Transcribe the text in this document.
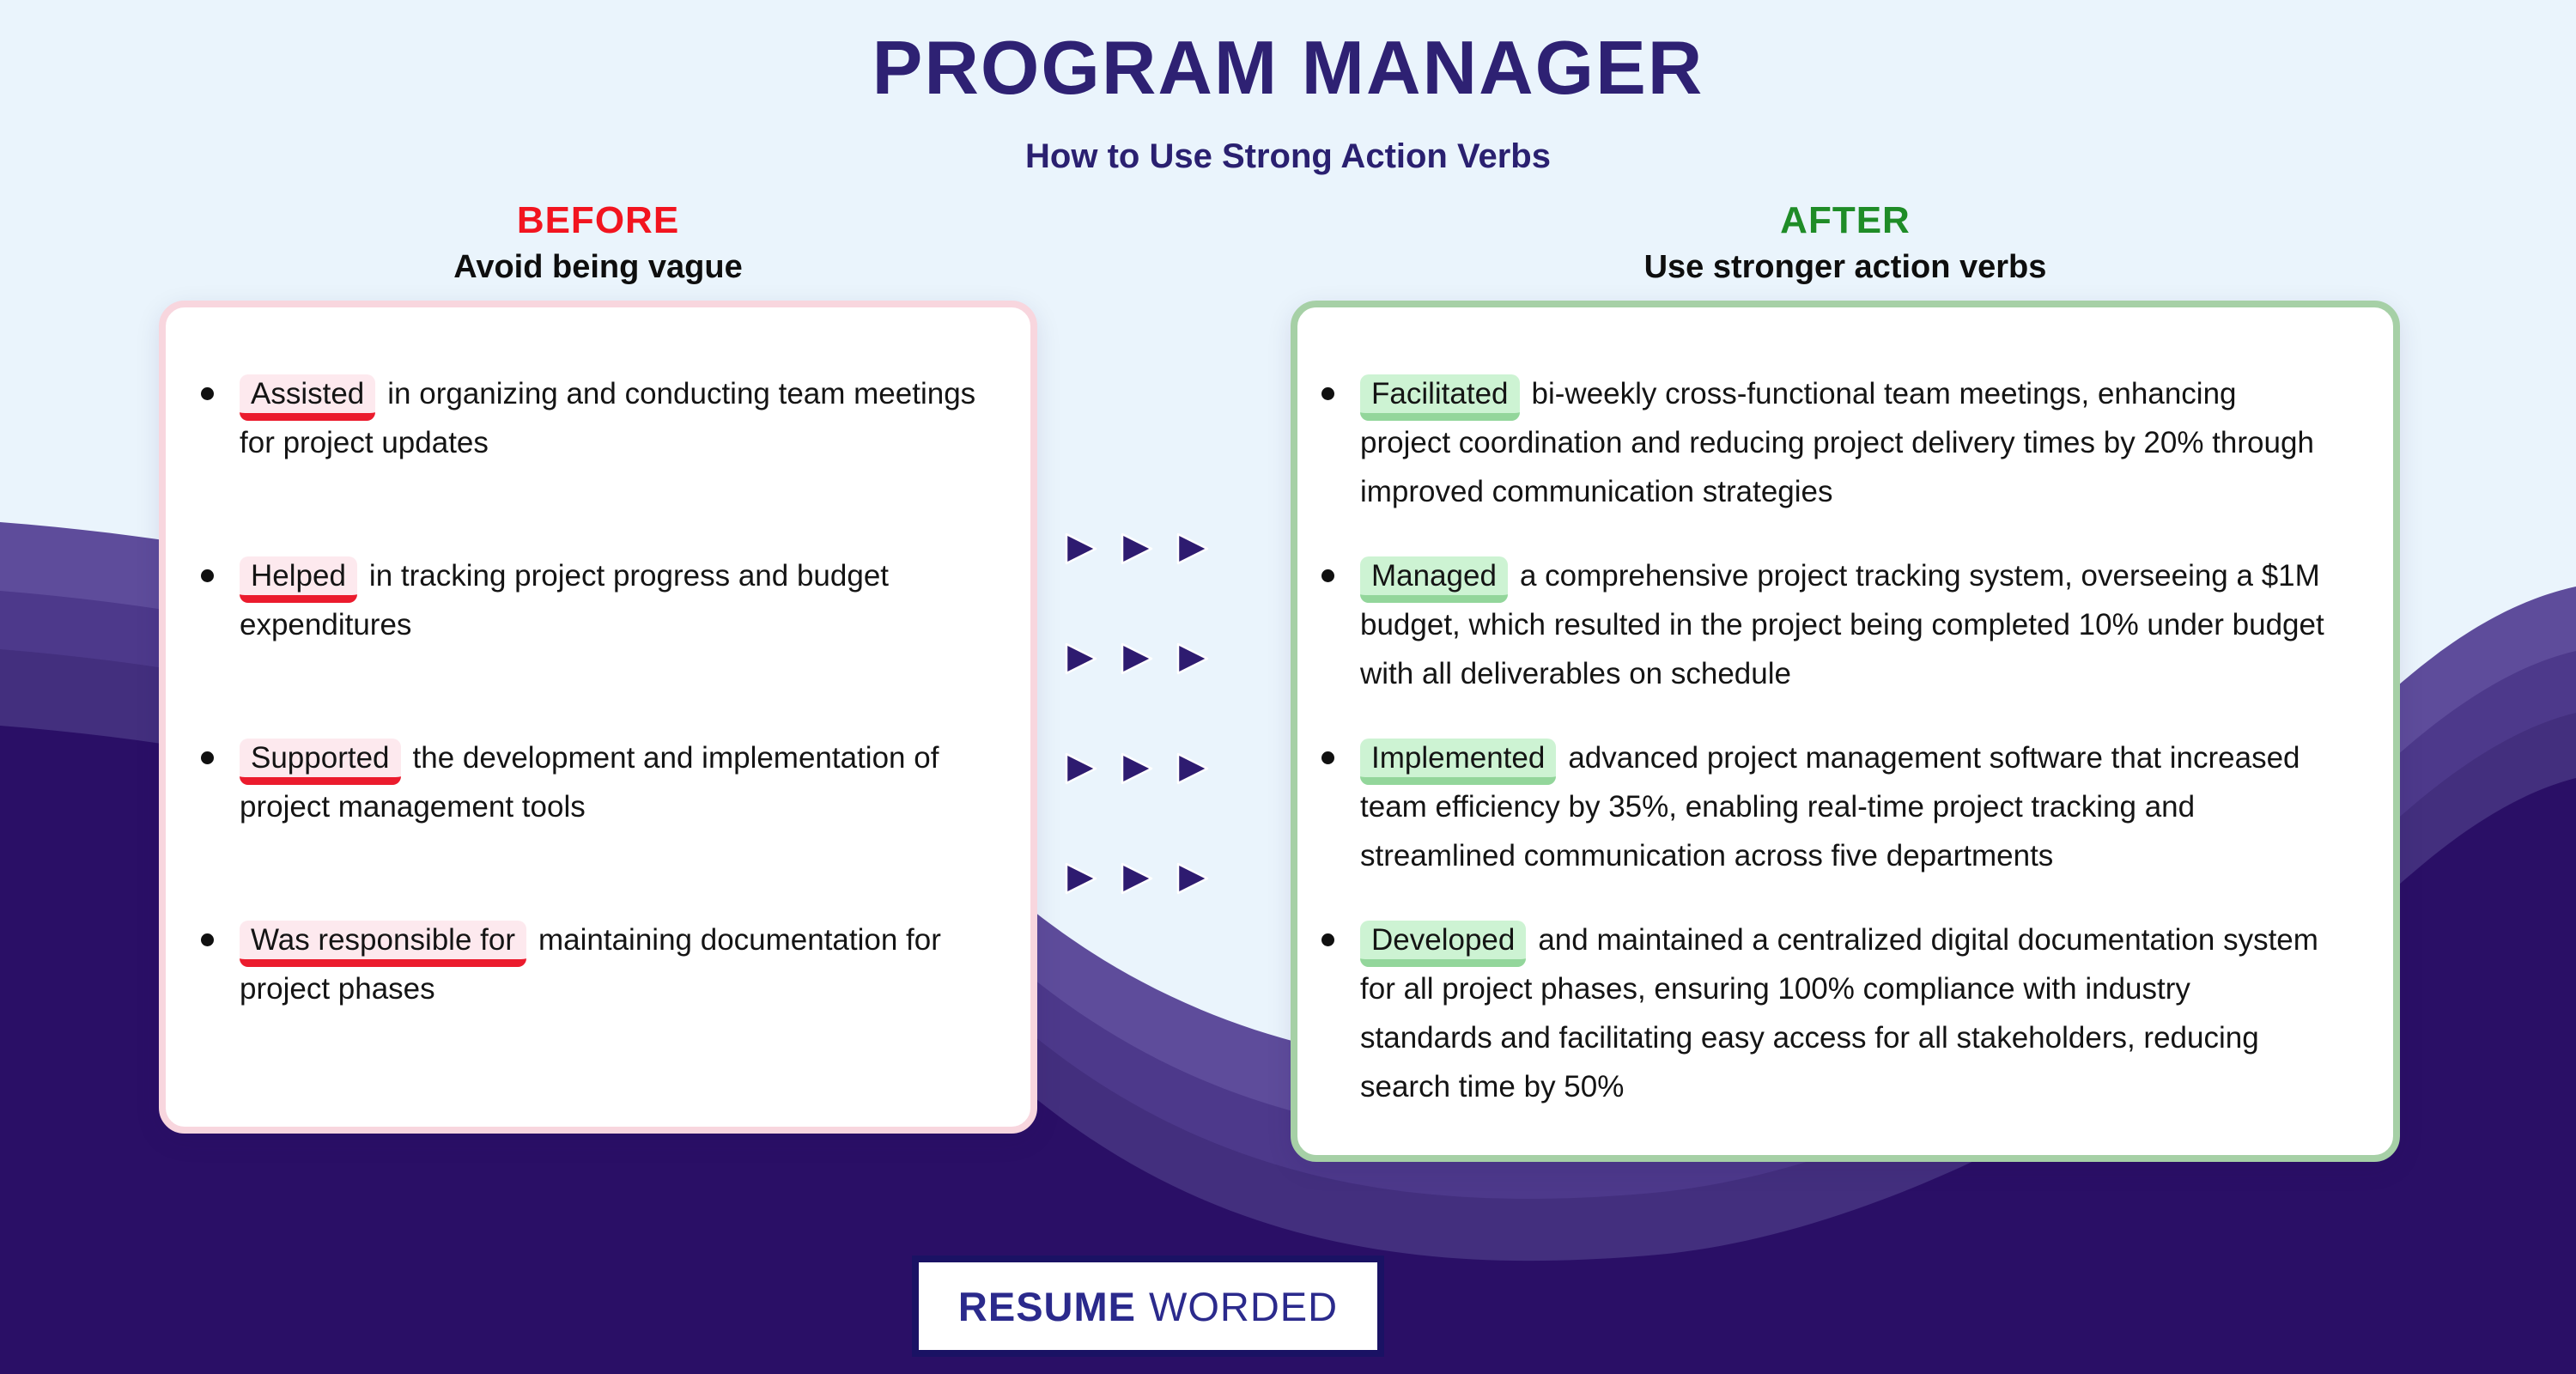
PROGRAM MANAGER
How to Use Strong Action Verbs
BEFORE
Avoid being vague
AFTER
Use stronger action verbs

Assisted in organizing and conducting team meetings for project updates

Helped in tracking project progress and budget expenditures

Supported the development and implementation of project management tools

Was responsible for maintaining documentation for project phases

Facilitated bi-weekly cross-functional team meetings, enhancing project coordination and reducing project delivery times by 20% through improved communication strategies

Managed a comprehensive project tracking system, overseeing a $1M budget, which resulted in the project being completed 10% under budget with all deliverables on schedule

Implemented advanced project management software that increased team efficiency by 35%, enabling real-time project tracking and streamlined communication across five departments

Developed and maintained a centralized digital documentation system for all project phases, ensuring 100% compliance with industry standards and facilitating easy access for all stakeholders, reducing search time by 50%

RESUME WORDED
